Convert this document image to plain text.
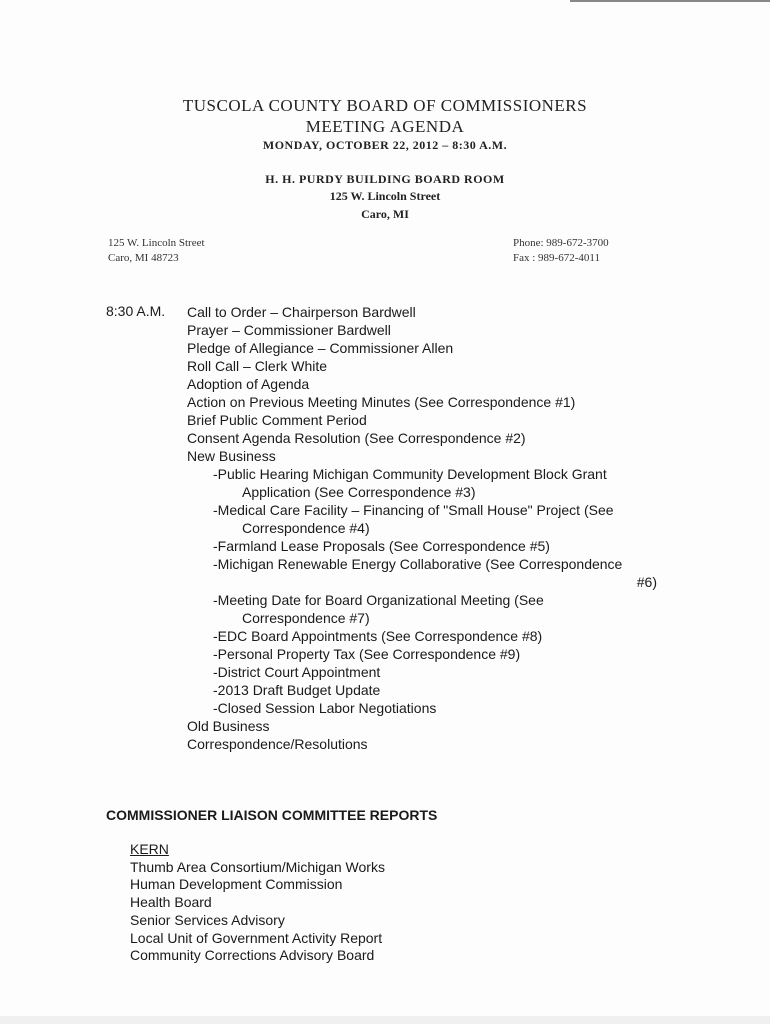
TUSCOLA COUNTY BOARD OF COMMISSIONERS
MEETING AGENDA
MONDAY, OCTOBER 22, 2012 – 8:30 A.M.
H. H. PURDY BUILDING BOARD ROOM
125 W. Lincoln Street
Caro, MI
125 W. Lincoln Street
Caro, MI 48723
Phone: 989-672-3700
Fax : 989-672-4011
8:30 A.M. Call to Order – Chairperson Bardwell
Prayer – Commissioner Bardwell
Pledge of Allegiance – Commissioner Allen
Roll Call – Clerk White
Adoption of Agenda
Action on Previous Meeting Minutes (See Correspondence #1)
Brief Public Comment Period
Consent Agenda Resolution (See Correspondence #2)
New Business
-Public Hearing Michigan Community Development Block Grant
Application (See Correspondence #3)
-Medical Care Facility – Financing of "Small House" Project (See
Correspondence #4)
-Farmland Lease Proposals (See Correspondence #5)
-Michigan Renewable Energy Collaborative (See Correspondence
#6)
-Meeting Date for Board Organizational Meeting (See
Correspondence #7)
-EDC Board Appointments (See Correspondence #8)
-Personal Property Tax (See Correspondence #9)
-District Court Appointment
-2013 Draft Budget Update
-Closed Session Labor Negotiations
Old Business
Correspondence/Resolutions
COMMISSIONER LIAISON COMMITTEE REPORTS
KERN
Thumb Area Consortium/Michigan Works
Human Development Commission
Health Board
Senior Services Advisory
Local Unit of Government Activity Report
Community Corrections Advisory Board
